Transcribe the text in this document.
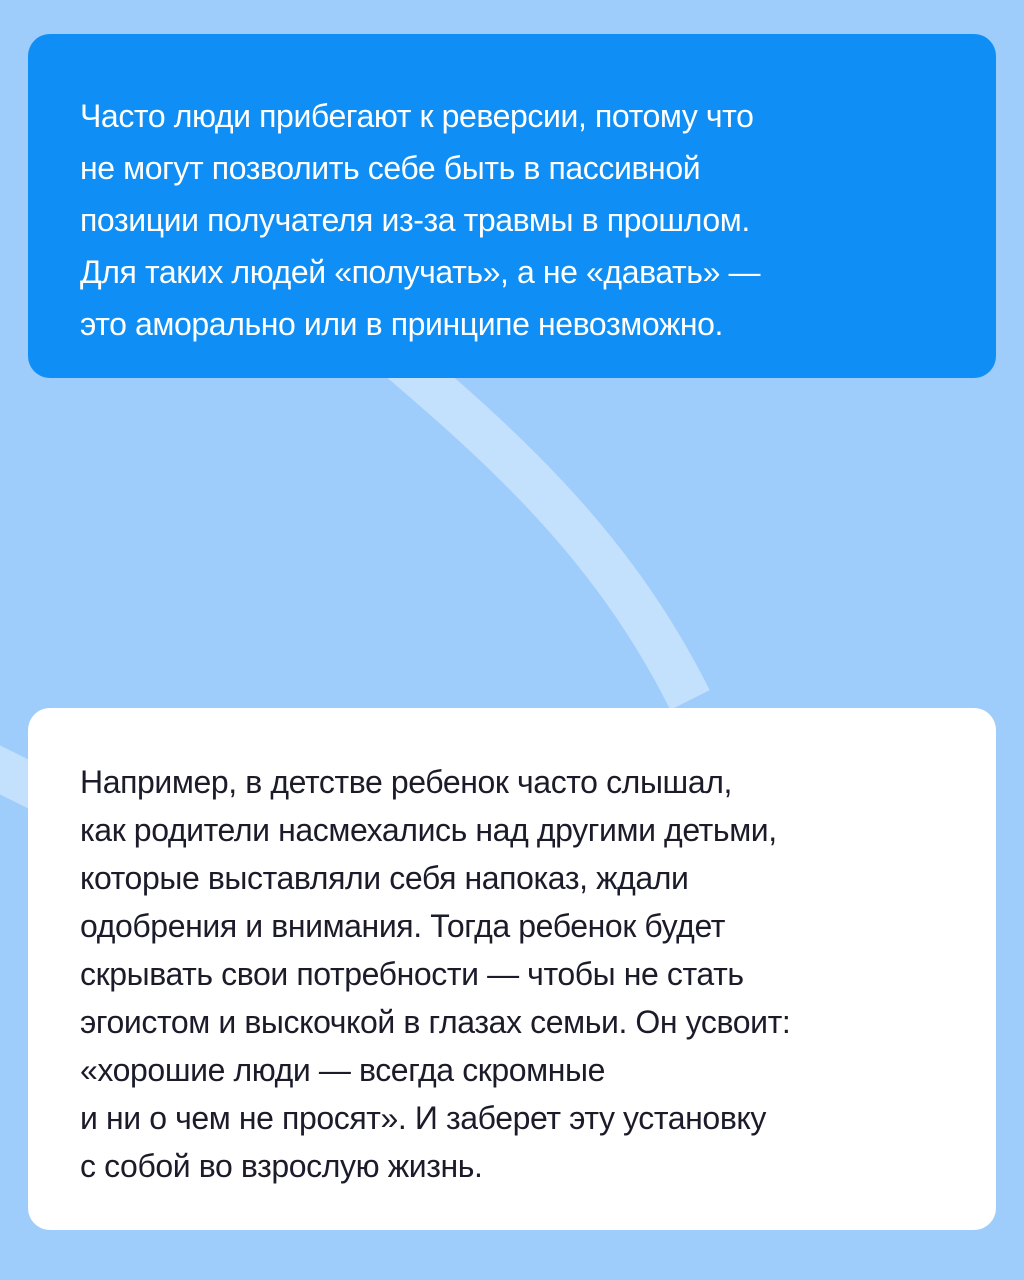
Часто люди прибегают к реверсии, потому что
не могут позволить себе быть в пассивной
позиции получателя из-за травмы в прошлом.
Для таких людей «получать», а не «давать» —
это аморально или в принципе невозможно.
Например, в детстве ребенок часто слышал,
как родители насмехались над другими детьми,
которые выставляли себя напоказ, ждали
одобрения и внимания. Тогда ребенок будет
скрывать свои потребности — чтобы не стать
эгоистом и выскочкой в глазах семьи. Он усвоит:
«хорошие люди — всегда скромные
и ни о чем не просят». И заберет эту установку
с собой во взрослую жизнь.
